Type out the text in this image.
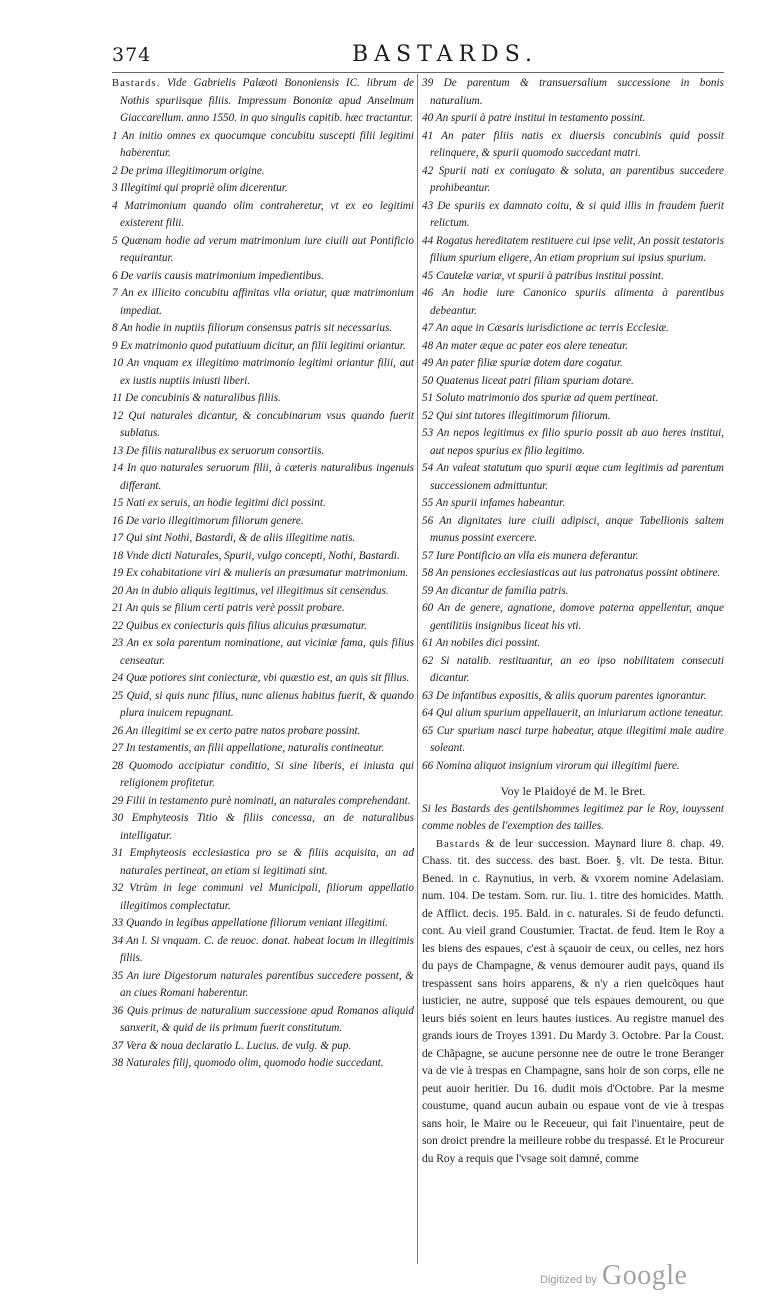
374	BASTARDS.

Bastards. Vide Gabrielis Palæoti Bononiensis IC. librum de Nothis spuriisque filiis. Impressum Bononiæ apud Anselmum Giaccarellum. anno 1550. in quo singulis capitib. hæc tractantur.

1 An initio omnes ex quocumque concubitu suscepti filii legitimi haberentur.

2 De prima illegitimorum origine.

3 Illegitimi qui propriè olim dicerentur.

4 Matrimonium quando olim contraheretur, vt ex eo legitimi existerent filii.

5 Quænam hodie ad verum matrimonium iure ciuili aut Pontificio requirantur.

6 De variis causis matrimonium impedientibus.

7 An ex illicito concubitu affinitas vlla oriatur, quæ matrimonium impediat.

8 An hodie in nuptiis filiorum consensus patris sit necessarius.

9 Ex matrimonio quod putatiuum dicitur, an filii legitimi oriantur.

10 An vnquam ex illegitimo matrimonio legitimi oriantur filii, aut ex iustis nuptiis iniusti liberi.

11 De concubinis & naturalibus filiis.

12 Qui naturales dicantur, & concubinarum vsus quando fuerit sublatus.

13 De filiis naturalibus ex seruorum consortiis.

14 In quo naturales seruorum filii, à cæteris naturalibus ingenuis differant.

15 Nati ex seruis, an hodie legitimi dici possint.

16 De vario illegitimorum filiorum genere.

17 Qui sint Nothi, Bastardi, & de aliis illegitime natis.

18 Vnde dicti Naturales, Spurii, vulgo concepti, Nothi, Bastardi.

19 Ex cohabitatione viri & mulieris an præsumatur matrimonium.

20 An in dubio aliquis legitimus, vel illegitimus sit censendus.

21 An quis se filium certi patris verè possit probare.

22 Quibus ex coniecturis quis filius alicuius præsumatur.

23 An ex sola parentum nominatione, aut viciniæ fama, quis filius censeatur.

24 Quæ potiores sint coniecturæ, vbi quæstio est, an quis sit filius.

25 Quid, si quis nunc filius, nunc alienus habitus fuerit, & quando plura inuicem repugnant.

26 An illegitimi se ex certo patre natos probare possint.

27 In testamentis, an filii appellatione, naturalis contineatur.

28 Quomodo accipiatur conditio, Si sine liberis, ei iniusta qui religionem profitetur.

29 Filii in testamento purè nominati, an naturales comprehendant.

30 Emphyteosis Titio & filiis concessa, an de naturalibus intelligatur.

31 Emphyteosis ecclesiastica pro se & filiis acquisita, an ad naturales pertineat, an etiam si legitimati sint.

32 Vtrùm in lege communi vel Municipali, filiorum appellatio illegitimos complectatur.

33 Quando in legibus appellatione filiorum veniant illegitimi.

34 An l. Si vnquam. C. de reuoc. donat. habeat locum in illegitimis filiis.

35 An iure Digestorum naturales parentibus succedere possent, & an ciues Romani haberentur.

36 Quis primus de naturalium successione apud Romanos aliquid sanxerit, & quid de iis primum fuerit constitutum.

37 Vera & noua declaratio L. Lucius. de vulg. & pup.

38 Naturales filij, quomodo olim, quomodo hodie succedant.

39 De parentum & transuersalium successione in bonis naturalium.

40 An spurii à patre institui in testamento possint.

41 An pater filiis natis ex diuersis concubinis quid possit relinquere, & spurii quomodo succedant matri.

42 Spurii nati ex coniugato & soluta, an parentibus succedere prohibeantur.

43 De spuriis ex damnato coitu, & si quid illis in fraudem fuerit relictum.

44 Rogatus hereditatem restituere cui ipse velit, An possit testatoris filium spurium eligere, An etiam proprium sui ipsius spurium.

45 Cautelæ variæ, vt spurii à patribus institui possint.

46 An hodie iure Canonico spuriis alimenta à parentibus debeantur.

47 An aque in Cæsaris iurisdictione ac terris Ecclesiæ.

48 An mater æque ac pater eos alere teneatur.

49 An pater filiæ spuriæ dotem dare cogatur.

50 Quatenus liceat patri filiam spuriam dotare.

51 Soluto matrimonio dos spuriæ ad quem pertineat.

52 Qui sint tutores illegitimorum filiorum.

53 An nepos legitimus ex filio spurio possit ab auo heres institui, aut nepos spurius ex filio legitimo.

54 An valeat statutum quo spurii æque cum legitimis ad parentum successionem admittuntur.

55 An spurii infames habeantur.

56 An dignitates iure ciuili adipisci, anque Tabellionis saltem munus possint exercere.

57 Iure Pontificio an vlla eis munera deferantur.

58 An pensiones ecclesiasticas aut ius patronatus possint obtinere.

59 An dicantur de familia patris.

60 An de genere, agnatione, domove paterna appellentur, anque gentilitiis insignibus liceat his vti.

61 An nobiles dici possint.

62 Si natalib. restituantur, an eo ipso nobilitatem consecuti dicantur.

63 De infantibus expositis, & aliis quorum parentes ignorantur.

64 Qui alium spurium appellauerit, an iniuriarum actione teneatur.

65 Cur spurium nasci turpe habeatur, atque illegitimi male audire soleant.

66 Nomina aliquot insignium virorum qui illegitimi fuere.

Voy le Plaidoyé de M. le Bret.

Si les Bastards des gentilshommes legitimez par le Roy, iouyssent comme nobles de l'exemption des tailles.

Bastards & de leur succession. Maynard liure 8. chap. 49. Chass. tit. des success. des bast. Boer. §. vlt. De testa. Bitur. Bened. in c. Raynutius, in verb. & vxorem nomine Adelasiam. num. 104. De testam. Som. rur. liu. 1. titre des homicides. Matth. de Afflict. decis. 195. Bald. in c. naturales. Si de feudo defuncti. cont. Au vieil grand Coustumier. Tractat. de feud. Item le Roy a les biens des espaues, c'est à sçauoir de ceux, ou celles, nez hors du pays de Champagne, & venus demourer audit pays, quand ils trespassent sans hoirs apparens, & n'y a rien quelcõques haut iusticier, ne autre, supposé que tels espaues demourent, ou que leurs biés soient en leurs hautes iustices. Au registre manuel des grands iours de Troyes 1391. Du Mardy 3. Octobre. Par la Coust. de Chãpagne, se aucune personne nee de outre le trone Beranger va de vie à trespas en Champagne, sans hoir de son corps, elle ne peut auoir heritier. Du 16. dudit mois d'Octobre. Par la mesme coustume, quand aucun aubain ou espaue vont de vie à trespas sans hoir, le Maire ou le Receueur, qui fait l'inuentaire, peut de son droict prendre la meilleure robbe du trespassé. Et le Procureur du Roy a requis que l'vsage soit damné, comme

Digitized by Google
